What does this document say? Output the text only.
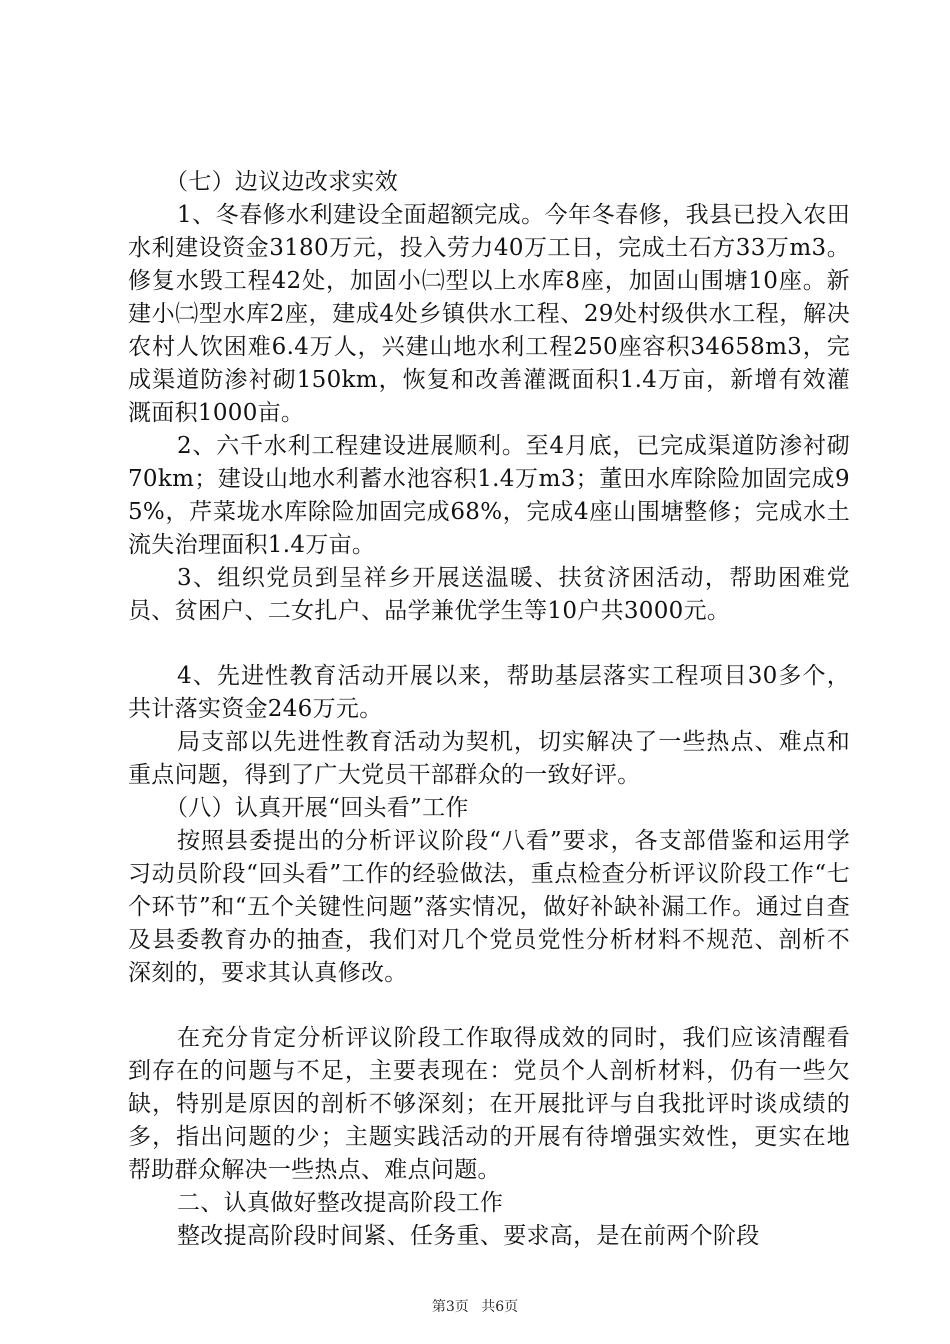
（七）边议边改求实效

1、冬春修水利建设全面超额完成。今年冬春修，我县已投入农田水利建设资金3180万元，投入劳力40万工日，完成土石方33万m3。修复水毁工程42处，加固小㈡型以上水库8座，加固山围塘10座。新建小㈡型水库2座，建成4处乡镇供水工程、29处村级供水工程，解决农村人饮困难6.4万人，兴建山地水利工程250座容积34658m3，完成渠道防渗衬砌150km，恢复和改善灌溉面积1.4万亩，新增有效灌溉面积1000亩。

2、六千水利工程建设进展顺利。至4月底，已完成渠道防渗衬砌70km；建设山地水利蓄水池容积1.4万m3；董田水库除险加固完成95%，芹菜垅水库除险加固完成68%，完成4座山围塘整修；完成水土流失治理面积1.4万亩。

3、组织党员到呈祥乡开展送温暖、扶贫济困活动，帮助困难党员、贫困户、二女扎户、品学兼优学生等10户共3000元。

4、先进性教育活动开展以来，帮助基层落实工程项目30多个，共计落实资金246万元。

局支部以先进性教育活动为契机，切实解决了一些热点、难点和重点问题，得到了广大党员干部群众的一致好评。

（八）认真开展“回头看”工作

按照县委提出的分析评议阶段“八看”要求，各支部借鉴和运用学习动员阶段“回头看”工作的经验做法，重点检查分析评议阶段工作“七个环节”和“五个关键性问题”落实情况，做好补缺补漏工作。通过自查及县委教育办的抽查，我们对几个党员党性分析材料不规范、剖析不深刻的，要求其认真修改。

在充分肯定分析评议阶段工作取得成效的同时，我们应该清醒看到存在的问题与不足，主要表现在：党员个人剖析材料，仍有一些欠缺，特别是原因的剖析不够深刻；在开展批评与自我批评时谈成绩的多，指出问题的少；主题实践活动的开展有待增强实效性，更实在地帮助群众解决一些热点、难点问题。

二、认真做好整改提高阶段工作

整改提高阶段时间紧、任务重、要求高，是在前两个阶段

第3页 共6页
